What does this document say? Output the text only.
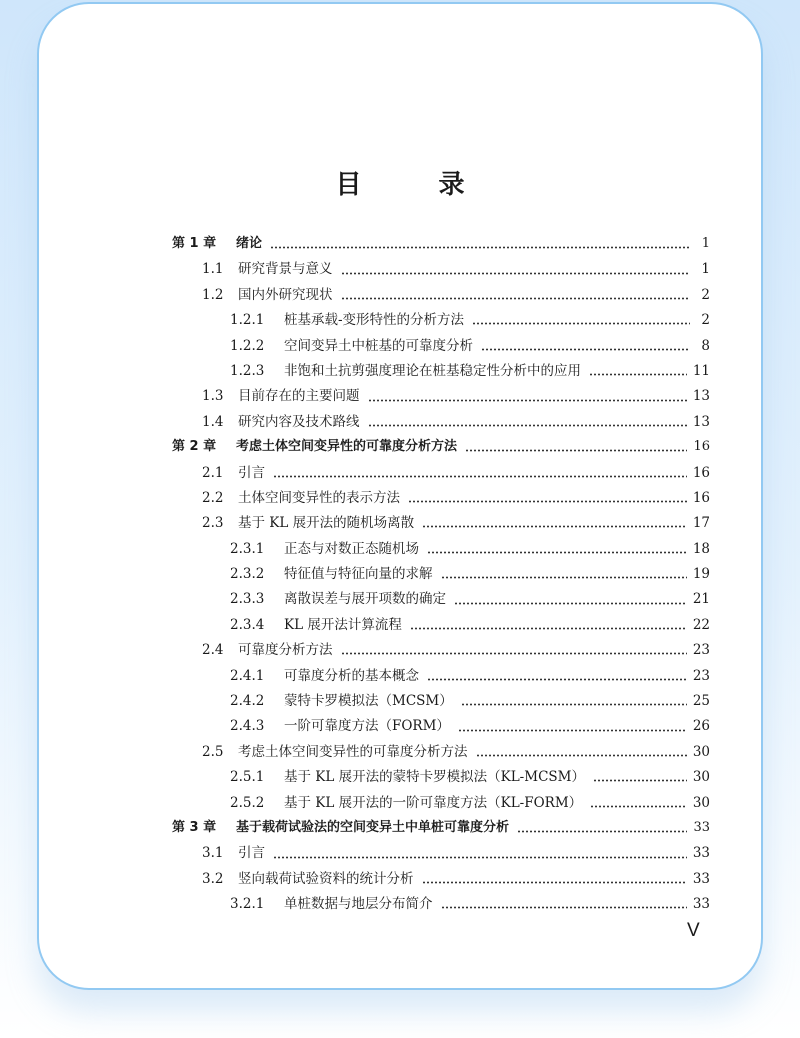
目 录
第 1 章	绪论	1
1.1	研究背景与意义	1
1.2	国内外研究现状	2
1.2.1	桩基承载-变形特性的分析方法	2
1.2.2	空间变异土中桩基的可靠度分析	8
1.2.3	非饱和土抗剪强度理论在桩基稳定性分析中的应用	11
1.3	目前存在的主要问题	13
1.4	研究内容及技术路线	13
第 2 章	考虑土体空间变异性的可靠度分析方法	16
2.1	引言	16
2.2	土体空间变异性的表示方法	16
2.3	基于 KL 展开法的随机场离散	17
2.3.1	正态与对数正态随机场	18
2.3.2	特征值与特征向量的求解	19
2.3.3	离散误差与展开项数的确定	21
2.3.4	KL 展开法计算流程	22
2.4	可靠度分析方法	23
2.4.1	可靠度分析的基本概念	23
2.4.2	蒙特卡罗模拟法（MCSM）	25
2.4.3	一阶可靠度方法（FORM）	26
2.5	考虑土体空间变异性的可靠度分析方法	30
2.5.1	基于 KL 展开法的蒙特卡罗模拟法（KL-MCSM）	30
2.5.2	基于 KL 展开法的一阶可靠度方法（KL-FORM）	30
第 3 章	基于载荷试验法的空间变异土中单桩可靠度分析	33
3.1	引言	33
3.2	竖向载荷试验资料的统计分析	33
3.2.1	单桩数据与地层分布简介	33
V
